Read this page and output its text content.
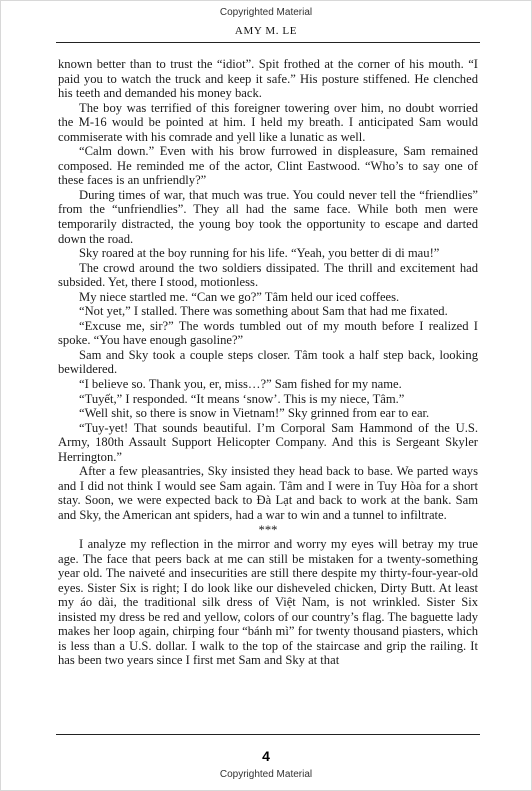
Copyrighted Material
AMY M. LE

known better than to trust the “idiot”. Spit frothed at the corner of his mouth. “I paid you to watch the truck and keep it safe.” His posture stiffened. He clenched his teeth and demanded his money back.

The boy was terrified of this foreigner towering over him, no doubt worried the M-16 would be pointed at him. I held my breath. I anticipated Sam would commiserate with his comrade and yell like a lunatic as well.

“Calm down.” Even with his brow furrowed in displeasure, Sam remained composed. He reminded me of the actor, Clint Eastwood. “Who’s to say one of these faces is an unfriendly?”

During times of war, that much was true. You could never tell the “friendlies” from the “unfriendlies”. They all had the same face. While both men were temporarily distracted, the young boy took the opportunity to escape and darted down the road.

Sky roared at the boy running for his life. “Yeah, you better di di mau!”

The crowd around the two soldiers dissipated. The thrill and excitement had subsided. Yet, there I stood, motionless.

My niece startled me. “Can we go?” Tâm held our iced coffees.

“Not yet,” I stalled. There was something about Sam that had me fixated.

“Excuse me, sir?” The words tumbled out of my mouth before I realized I spoke. “You have enough gasoline?”

Sam and Sky took a couple steps closer. Tâm took a half step back, looking bewildered.

“I believe so. Thank you, er, miss…?” Sam fished for my name.

“Tuyết,” I responded. “It means ‘snow’. This is my niece, Tâm.”

“Well shit, so there is snow in Vietnam!” Sky grinned from ear to ear.

“Tuy-yet! That sounds beautiful. I’m Corporal Sam Hammond of the U.S. Army, 180th Assault Support Helicopter Company. And this is Sergeant Skyler Herrington.”

After a few pleasantries, Sky insisted they head back to base. We parted ways and I did not think I would see Sam again. Tâm and I were in Tuy Hòa for a short stay. Soon, we were expected back to Đà Lạt and back to work at the bank. Sam and Sky, the American ant spiders, had a war to win and a tunnel to infiltrate.

***

I analyze my reflection in the mirror and worry my eyes will betray my true age. The face that peers back at me can still be mistaken for a twenty-something year old. The naiveté and insecurities are still there despite my thirty-four-year-old eyes. Sister Six is right; I do look like our disheveled chicken, Dirty Butt. At least my áo dài, the traditional silk dress of Việt Nam, is not wrinkled. Sister Six insisted my dress be red and yellow, colors of our country’s flag. The baguette lady makes her loop again, chirping four “bánh mì” for twenty thousand piasters, which is less than a U.S. dollar. I walk to the top of the staircase and grip the railing. It has been two years since I first met Sam and Sky at that

4
Copyrighted Material
